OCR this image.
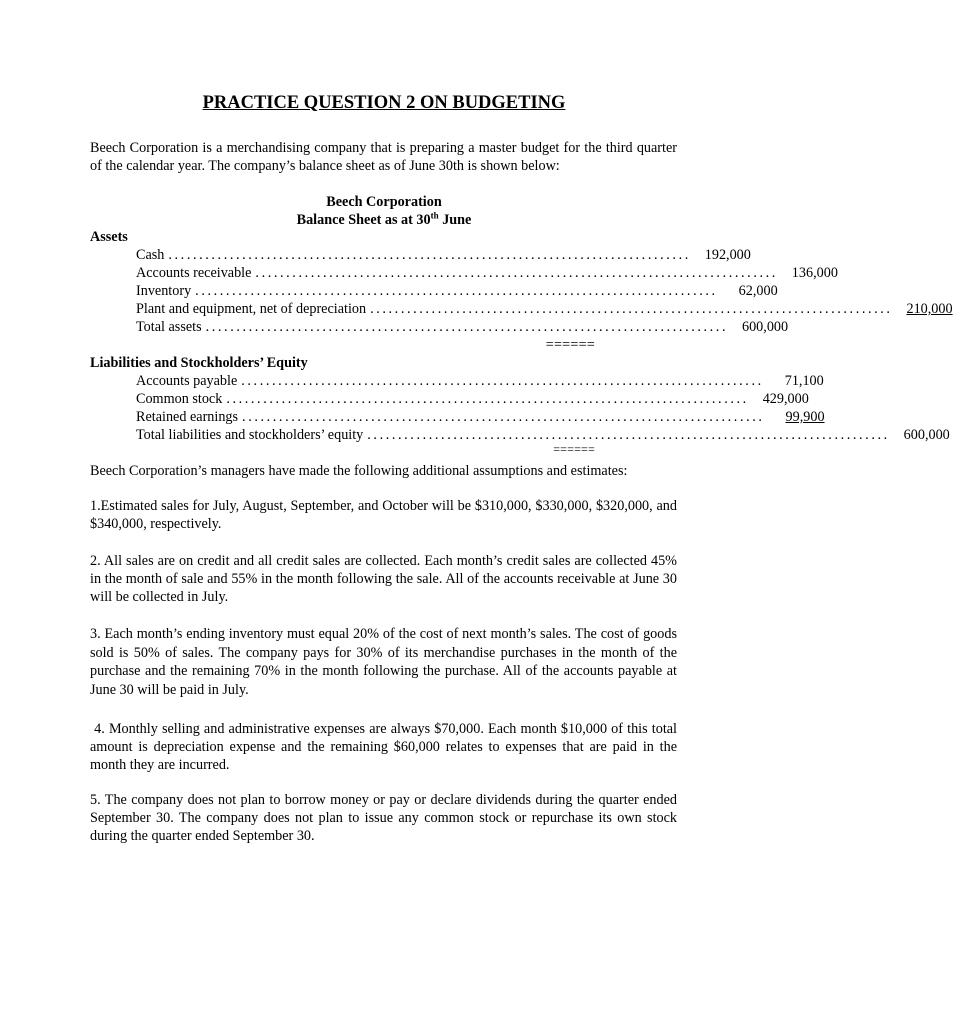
PRACTICE QUESTION 2 ON BUDGETING
Beech Corporation is a merchandising company that is preparing a master budget for the third quarter of the calendar year. The company’s balance sheet as of June 30th is shown below:
Beech Corporation
Balance Sheet as at 30th June
Assets
Cash ..................................................................................... 192,000
Accounts receivable ..................................................................................... 136,000
Inventory .....................................................................................	62,000
Plant and equipment, net of depreciation ..................................................................................... 210,000
Total assets ..................................................................................... 600,000
======
Liabilities and Stockholders’ Equity
Accounts payable .....................................................................................	71,100
Common stock ..................................................................................... 429,000
Retained earnings .....................................................................................	99,900
Total liabilities and stockholders’ equity ..................................................................................... 600,000
======
Beech Corporation’s managers have made the following additional assumptions and estimates:
1.Estimated sales for July, August, September, and October will be $310,000, $330,000, $320,000, and $340,000, respectively.
2. All sales are on credit and all credit sales are collected. Each month’s credit sales are collected 45% in the month of sale and 55% in the month following the sale. All of the accounts receivable at June 30 will be collected in July.
3. Each month’s ending inventory must equal 20% of the cost of next month’s sales. The cost of goods sold is 50% of sales. The company pays for 30% of its merchandise purchases in the month of the purchase and the remaining 70% in the month following the purchase. All of the accounts payable at June 30 will be paid in July.
4. Monthly selling and administrative expenses are always $70,000. Each month $10,000 of this total amount is depreciation expense and the remaining $60,000 relates to expenses that are paid in the month they are incurred.
5. The company does not plan to borrow money or pay or declare dividends during the quarter ended September 30. The company does not plan to issue any common stock or repurchase its own stock during the quarter ended September 30.
